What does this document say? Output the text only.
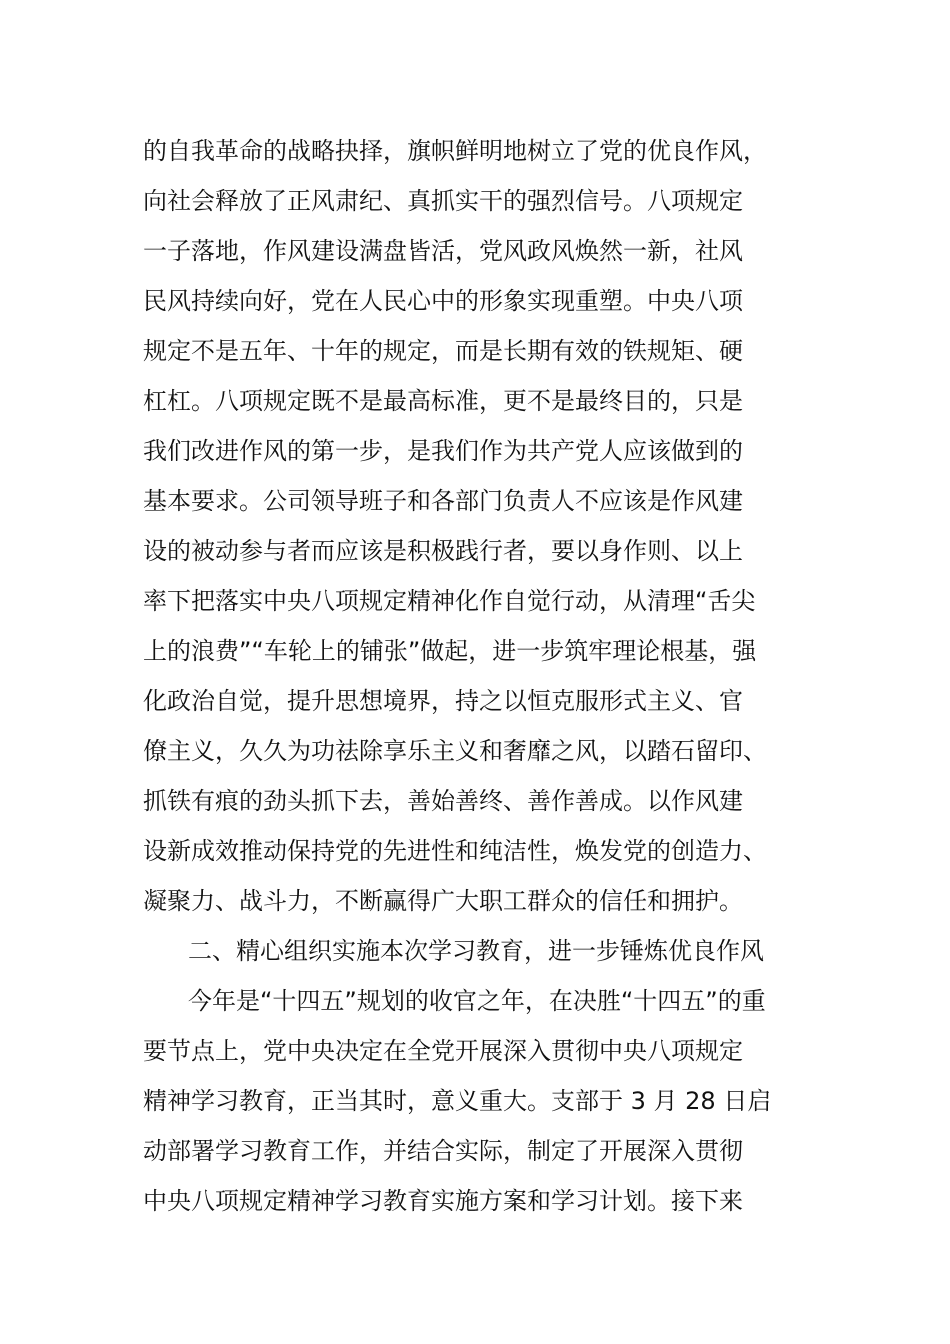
的自我革命的战略抉择，旗帜鲜明地树立了党的优良作风，
向社会释放了正风肃纪、真抓实干的强烈信号。八项规定
一子落地，作风建设满盘皆活，党风政风焕然一新，社风
民风持续向好，党在人民心中的形象实现重塑。中央八项
规定不是五年、十年的规定，而是长期有效的铁规矩、硬
杠杠。八项规定既不是最高标准，更不是最终目的，只是
我们改进作风的第一步，是我们作为共产党人应该做到的
基本要求。公司领导班子和各部门负责人不应该是作风建
设的被动参与者而应该是积极践行者，要以身作则、以上
率下把落实中央八项规定精神化作自觉行动，从清理“舌尖
上的浪费”“车轮上的铺张”做起，进一步筑牢理论根基，强
化政治自觉，提升思想境界，持之以恒克服形式主义、官
僚主义，久久为功祛除享乐主义和奢靡之风，以踏石留印、
抓铁有痕的劲头抓下去，善始善终、善作善成。以作风建
设新成效推动保持党的先进性和纯洁性，焕发党的创造力、
凝聚力、战斗力，不断赢得广大职工群众的信任和拥护。
二、精心组织实施本次学习教育，进一步锤炼优良作风
今年是“十四五”规划的收官之年，在决胜“十四五”的重
要节点上，党中央决定在全党开展深入贯彻中央八项规定
精神学习教育，正当其时，意义重大。支部于 3 月 28 日启
动部署学习教育工作，并结合实际，制定了开展深入贯彻
中央八项规定精神学习教育实施方案和学习计划。接下来
